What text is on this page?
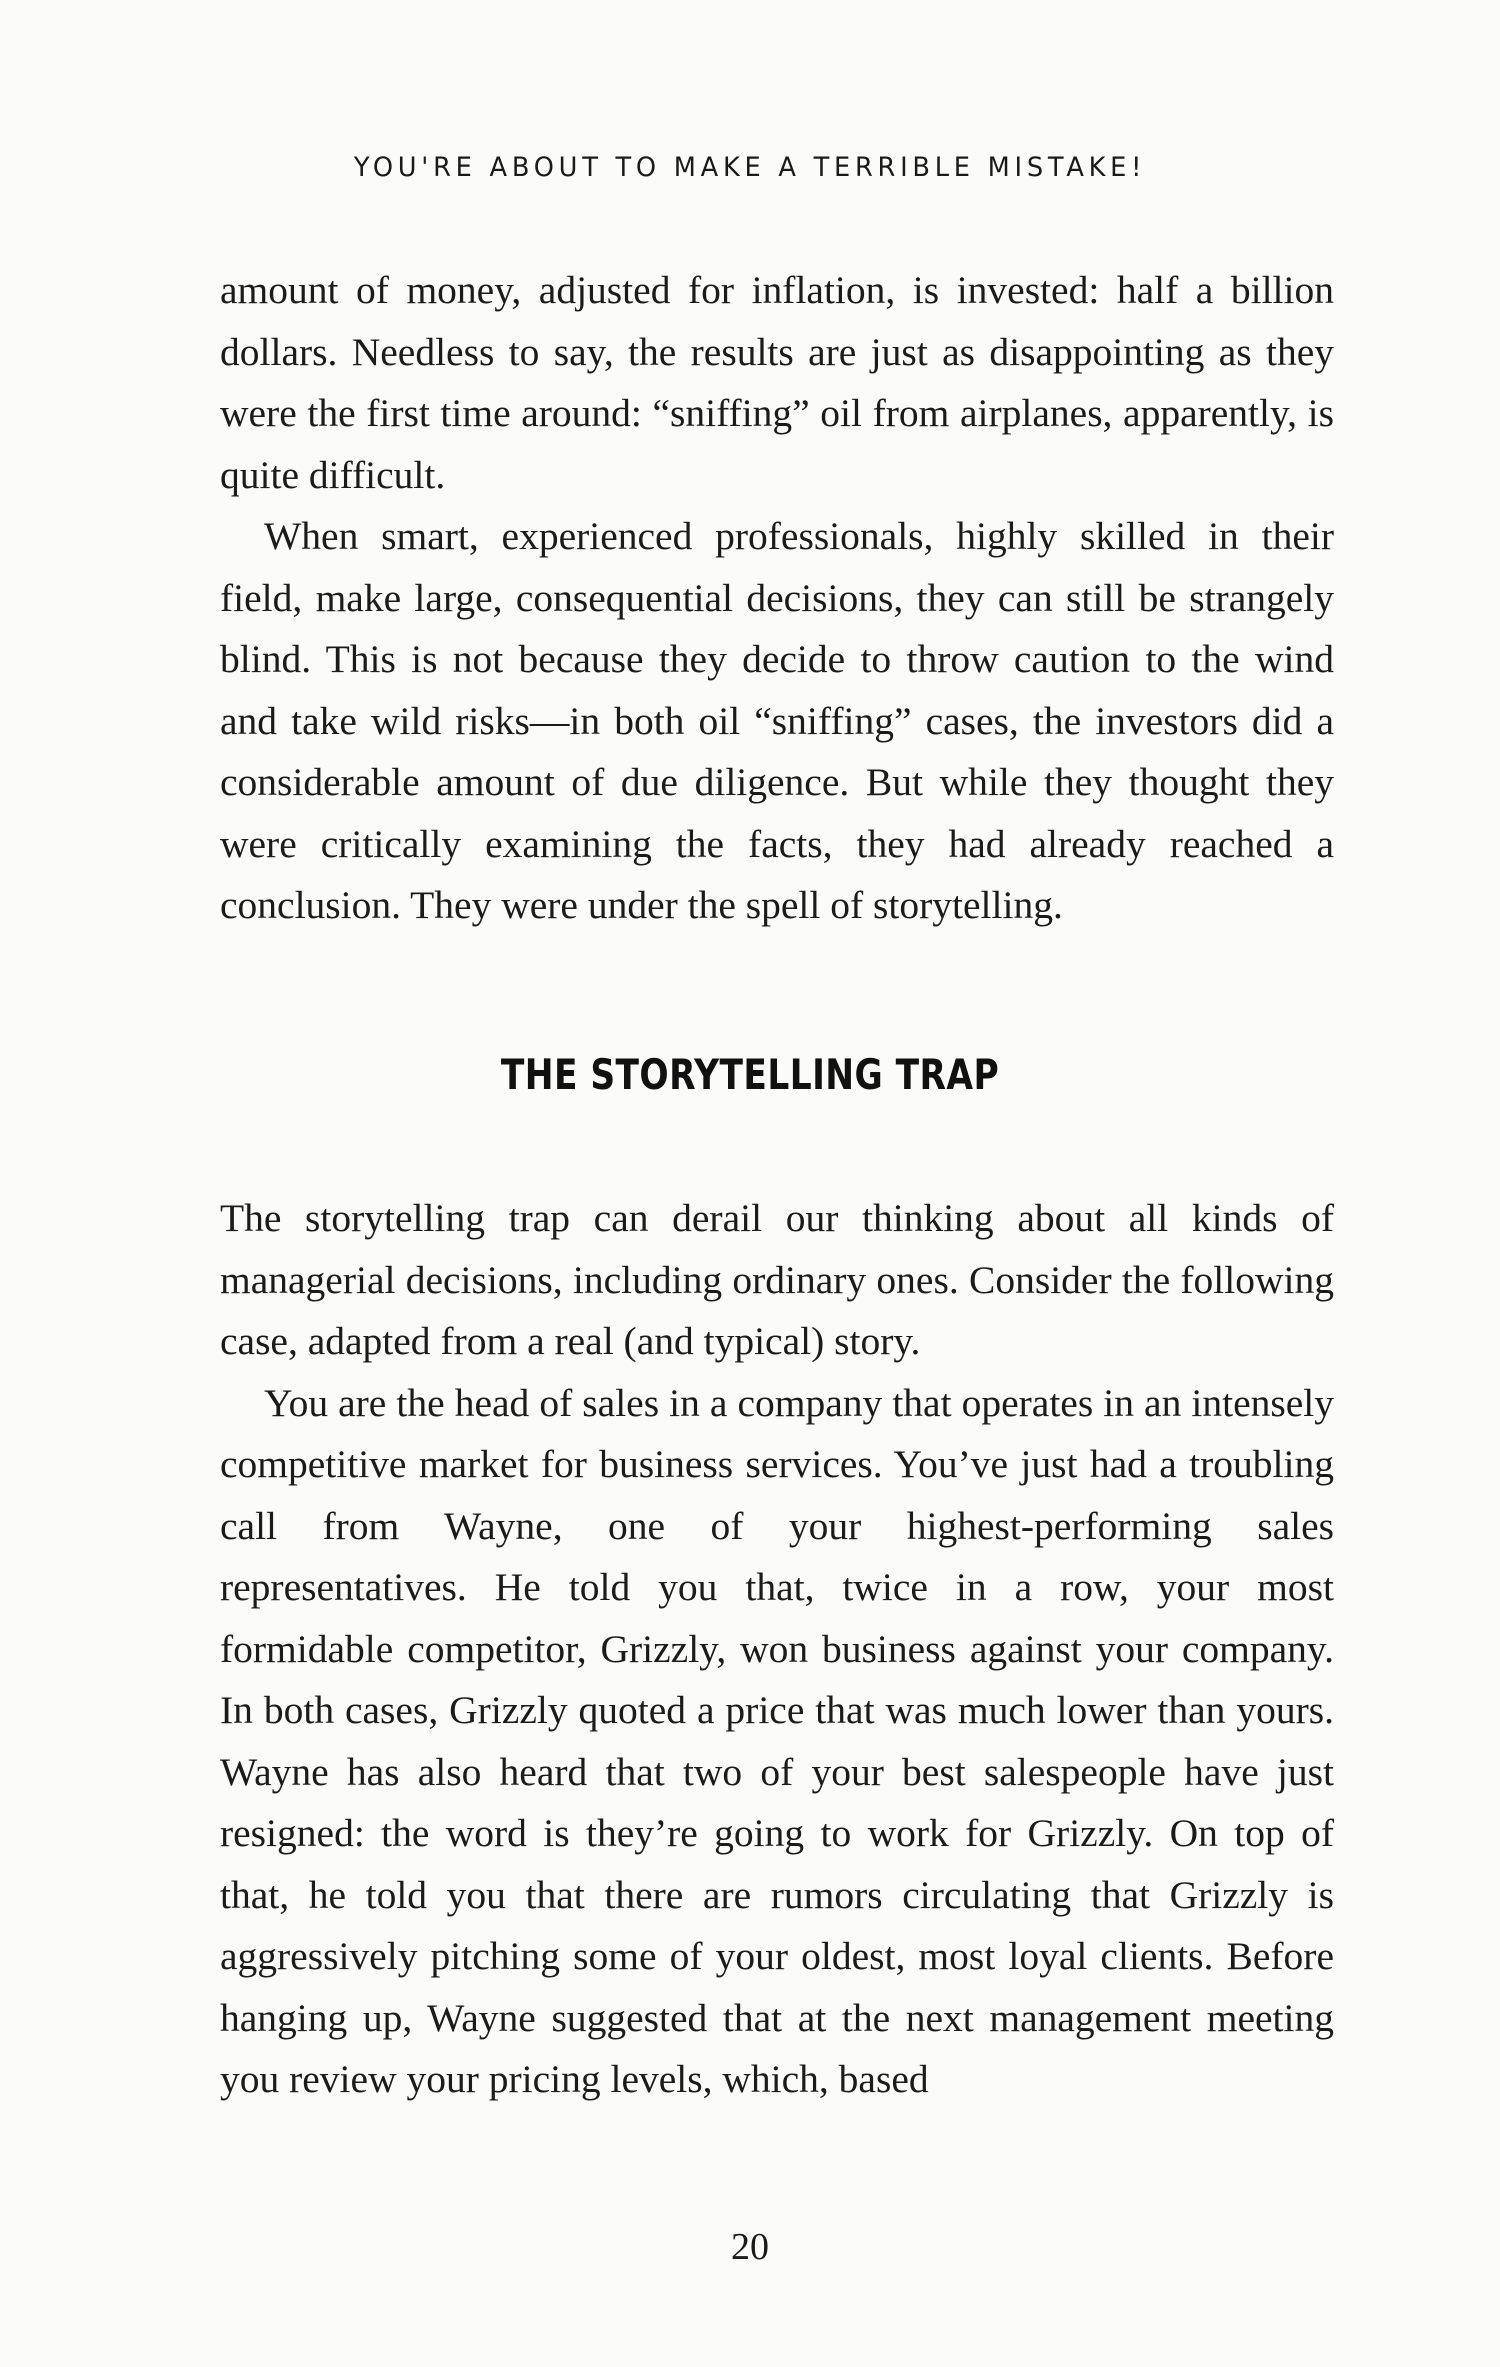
YOU'RE ABOUT TO MAKE A TERRIBLE MISTAKE!

amount of money, adjusted for inflation, is invested: half a billion dollars. Needless to say, the results are just as disappointing as they were the first time around: “sniffing” oil from airplanes, apparently, is quite difficult.

When smart, experienced professionals, highly skilled in their field, make large, consequential decisions, they can still be strangely blind. This is not because they decide to throw caution to the wind and take wild risks—in both oil “sniffing” cases, the investors did a considerable amount of due diligence. But while they thought they were critically examining the facts, they had already reached a conclusion. They were under the spell of storytelling.

THE STORYTELLING TRAP

The storytelling trap can derail our thinking about all kinds of managerial decisions, including ordinary ones. Consider the following case, adapted from a real (and typical) story.

You are the head of sales in a company that operates in an intensely competitive market for business services. You’ve just had a troubling call from Wayne, one of your highest-performing sales representatives. He told you that, twice in a row, your most formidable competitor, Grizzly, won business against your company. In both cases, Grizzly quoted a price that was much lower than yours. Wayne has also heard that two of your best salespeople have just resigned: the word is they’re going to work for Grizzly. On top of that, he told you that there are rumors circulating that Grizzly is aggressively pitching some of your oldest, most loyal clients. Before hanging up, Wayne suggested that at the next management meeting you review your pricing levels, which, based

20
